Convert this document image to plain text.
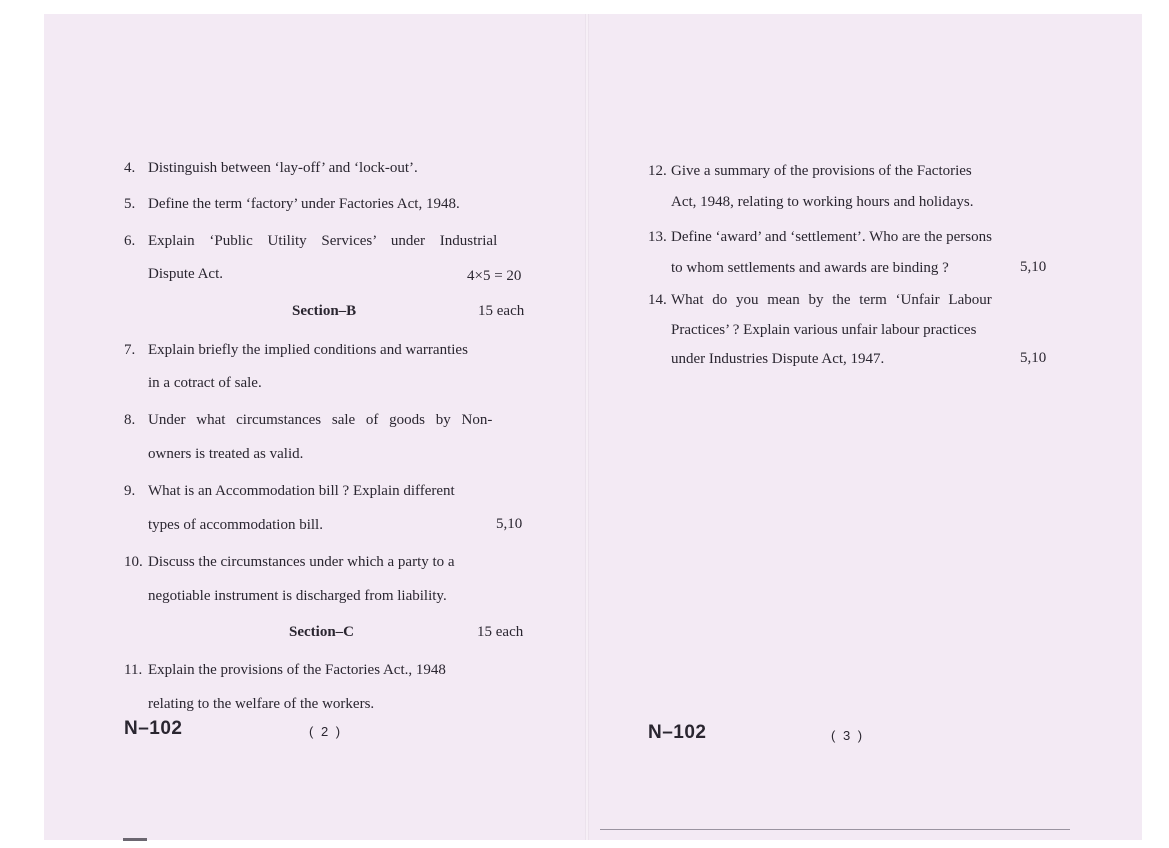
4. Distinguish between ‘lay-off’ and ‘lock-out’.
5. Define the term ‘factory’ under Factories Act, 1948.
6. Explain ‘Public Utility Services’ under Industrial
Dispute Act.	4×5 = 20
Section–B	15 each
7. Explain briefly the implied conditions and warranties
in a cotract of sale.
8. Under what circumstances sale of goods by Non-
owners is treated as valid.
9. What is an Accommodation bill ? Explain different
types of accommodation bill.	5,10
10. Discuss the circumstances under which a party to a
negotiable instrument is discharged from liability.
Section–C	15 each
11. Explain the provisions of the Factories Act., 1948
relating to the welfare of the workers.
N–102	( 2 )
12. Give a summary of the provisions of the Factories
Act, 1948, relating to working hours and holidays.
13. Define ‘award’ and ‘settlement’. Who are the persons
to whom settlements and awards are binding ?	5,10
14. What do you mean by the term ‘Unfair Labour
Practices’ ? Explain various unfair labour practices
under Industries Dispute Act, 1947.	5,10
N–102	( 3 )
